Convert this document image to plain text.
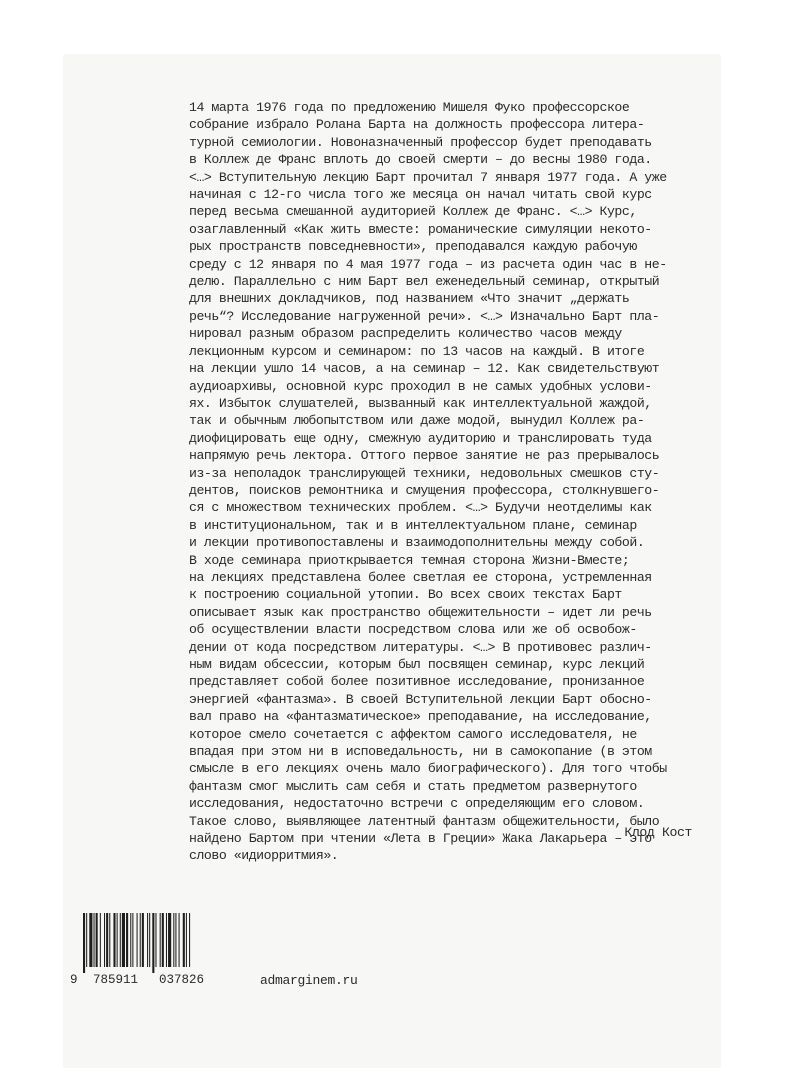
14 марта 1976 года по предложению Мишеля Фуко профессорское
собрание избрало Ролана Барта на должность профессора литера-
турной семиологии. Новоназначенный профессор будет преподавать
в Коллеж де Франс вплоть до своей смерти – до весны 1980 года.
<…> Вступительную лекцию Барт прочитал 7 января 1977 года. А уже
начиная с 12-го числа того же месяца он начал читать свой курс
перед весьма смешанной аудиторией Коллеж де Франс. <…> Курс,
озаглавленный «Как жить вместе: романические симуляции некото-
рых пространств повседневности», преподавался каждую рабочую
среду с 12 января по 4 мая 1977 года – из расчета один час в не-
делю. Параллельно с ним Барт вел еженедельный семинар, открытый
для внешних докладчиков, под названием «Что значит „держать
речь“? Исследование нагруженной речи». <…> Изначально Барт пла-
нировал разным образом распределить количество часов между
лекционным курсом и семинаром: по 13 часов на каждый. В итоге
на лекции ушло 14 часов, а на семинар – 12. Как свидетельствуют
аудиоархивы, основной курс проходил в не самых удобных услови-
ях. Избыток слушателей, вызванный как интеллектуальной жаждой,
так и обычным любопытством или даже модой, вынудил Коллеж ра-
диофицировать еще одну, смежную аудиторию и транслировать туда
напрямую речь лектора. Оттого первое занятие не раз прерывалось
из-за неполадок транслирующей техники, недовольных смешков сту-
дентов, поисков ремонтника и смущения профессора, столкнувшего-
ся с множеством технических проблем. <…> Будучи неотделимы как
в институциональном, так и в интеллектуальном плане, семинар
и лекции противопоставлены и взаимодополнительны между собой.
В ходе семинара приоткрывается темная сторона Жизни-Вместе;
на лекциях представлена более светлая ее сторона, устремленная
к построению социальной утопии. Во всех своих текстах Барт
описывает язык как пространство общежительности – идет ли речь
об осуществлении власти посредством слова или же об освобож-
дении от кода посредством литературы. <…> В противовес различ-
ным видам обсессии, которым был посвящен семинар, курс лекций
представляет собой более позитивное исследование, пронизанное
энергией «фантазма». В своей Вступительной лекции Барт обосно-
вал право на «фантазматическое» преподавание, на исследование,
которое смело сочетается с аффектом самого исследователя, не
впадая при этом ни в исповедальность, ни в самокопание (в этом
смысле в его лекциях очень мало биографического). Для того чтобы
фантазм смог мыслить сам себя и стать предметом развернутого
исследования, недостаточно встречи с определяющим его словом.
Такое слово, выявляющее латентный фантазм общежительности, было
найдено Бартом при чтении «Лета в Греции» Жака Лакарьера – это
слово «идиорритмия».

Клод Кост

9

785911

037826

	admarginem.ru
